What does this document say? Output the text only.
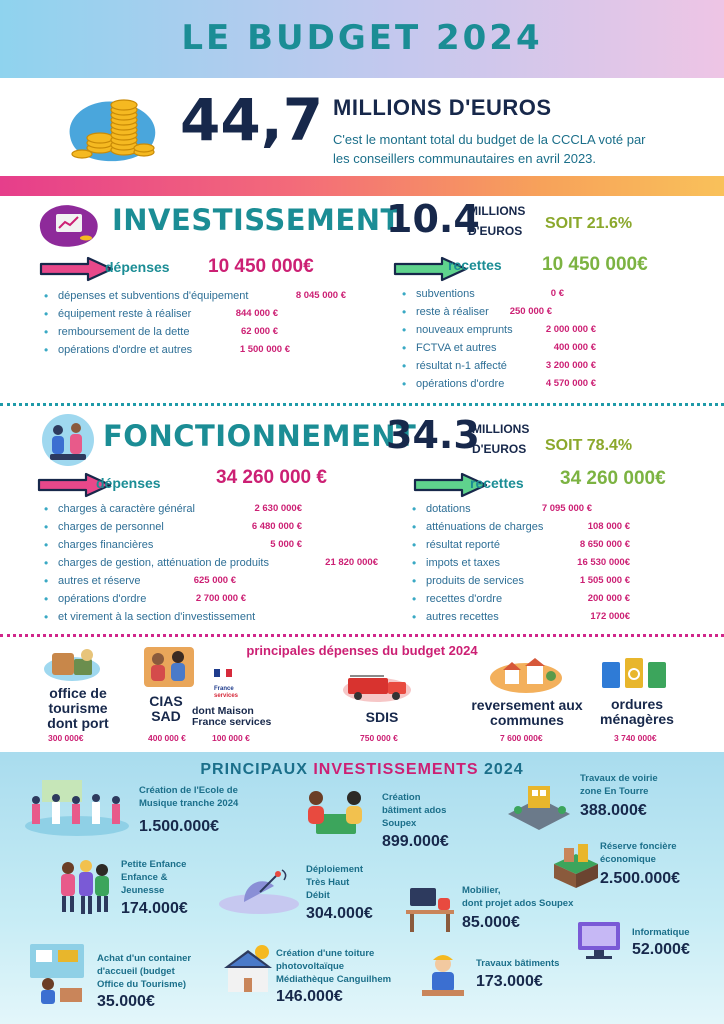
LE BUDGET 2024
44,7 MILLIONS D'EUROS
C'est le montant total du budget de la CCCLA voté par les conseillers communautaires en avril 2023.
INVESTISSEMENT
10.4
MILLIONS
D'EUROS SOIT 21.6%
dépenses 10 450 000€
• dépenses et subventions d'équipement
• équipement reste à réaliser
• remboursement de la dette
• opérations d'ordre et autres
8 045 000 €
844 000 €
62 000 €
1 500 000 €
recettes 10 450 000€
• subventions
• reste à réaliser
• nouveaux emprunts
• FCTVA et autres
• résultat n-1 affecté
• opérations d'ordre
0 €
250 000 €
2 000 000 €
400 000 €
3 200 000 €
4 570 000 €
FONCTIONNEMENT
34.3
MILLIONS
D'EUROS SOIT 78.4%
dépenses	34 260 000 €
• charges à caractère général
• charges de personnel
• charges financières
• charges de gestion, atténuation de produits
• autres et réserve
• opérations d'ordre
• et virement à la section d'investissement
2 630 000€
6 480 000 €
5 000 €
21 820 000€
625 000 €
2 700 000 €
recettes 34 260 000€
• dotations
• atténuations de charges
• résultat reporté
• impots et taxes
• produits de services
• recettes d'ordre
• autres recettes
7 095 000 €
108 000 €
8 650 000 €
16 530 000€
1 505 000 €
200 000 €
172 000€
principales dépenses du budget 2024
office de
tourisme
dont port
300 000€
CIAS
SAD
400 000 €
France
services
dont Maison
France services
100 000 €
SDIS
750 000 €
reversement aux
communes
7 600 000€
ordures
ménagères
3 740 000€
PRINCIPAUX INVESTISSEMENTS 2024
Création de l'Ecole de
Musique tranche 2024
1.500.000€
Création
bâtiment ados
Soupex
899.000€
Travaux de voirie
zone En Tourre
388.000€
Petite Enfance
Enfance &
Jeunesse
174.000€
Déploiement
Très Haut
Débit
304.000€
Réserve foncière
économique
2.500.000€
Mobilier,
dont projet ados Soupex
85.000€
Informatique
52.000€
Achat d'un container
d'accueil (budget
Office du Tourisme)
35.000€
Création d'une toiture
photovoltaïque
Médiathèque Canguilhem
146.000€
Travaux bâtiments
173.000€
